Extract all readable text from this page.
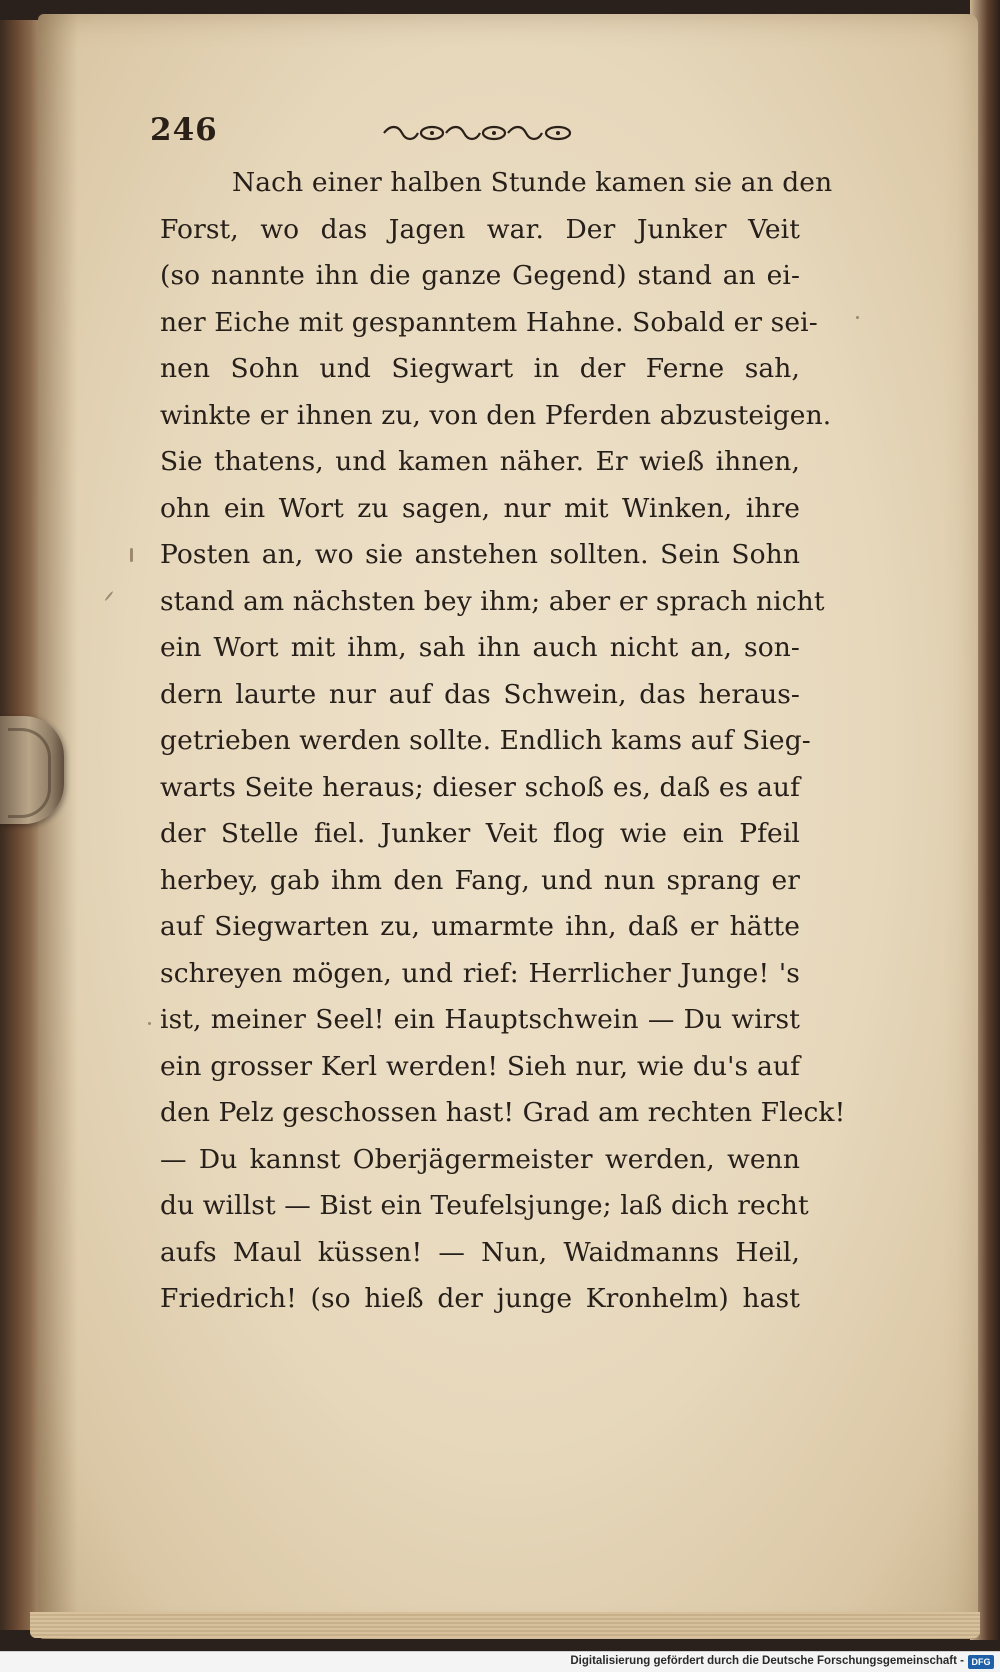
246
Nach einer halben Stunde kamen sie an den
Forst, wo das Jagen war. Der Junker Veit
(so nannte ihn die ganze Gegend) stand an ei-
ner Eiche mit gespanntem Hahne. Sobald er sei-
nen Sohn und Siegwart in der Ferne sah,
winkte er ihnen zu, von den Pferden abzusteigen.
Sie thatens, und kamen näher. Er wieß ihnen,
ohn ein Wort zu sagen, nur mit Winken, ihre
Posten an, wo sie anstehen sollten. Sein Sohn
stand am nächsten bey ihm; aber er sprach nicht
ein Wort mit ihm, sah ihn auch nicht an, son-
dern laurte nur auf das Schwein, das heraus-
getrieben werden sollte. Endlich kams auf Sieg-
warts Seite heraus; dieser schoß es, daß es auf
der Stelle fiel. Junker Veit flog wie ein Pfeil
herbey, gab ihm den Fang, und nun sprang er
auf Siegwarten zu, umarmte ihn, daß er hätte
schreyen mögen, und rief: Herrlicher Junge! 's
ist, meiner Seel! ein Hauptschwein — Du wirst
ein grosser Kerl werden! Sieh nur, wie du's auf
den Pelz geschossen hast! Grad am rechten Fleck!
— Du kannst Oberjägermeister werden, wenn
du willst — Bist ein Teufelsjunge; laß dich recht
aufs Maul küssen! — Nun, Waidmanns Heil,
Friedrich! (so hieß der junge Kronhelm) hast
Digitalisierung gefördert durch die Deutsche Forschungsgemeinschaft - DFG
